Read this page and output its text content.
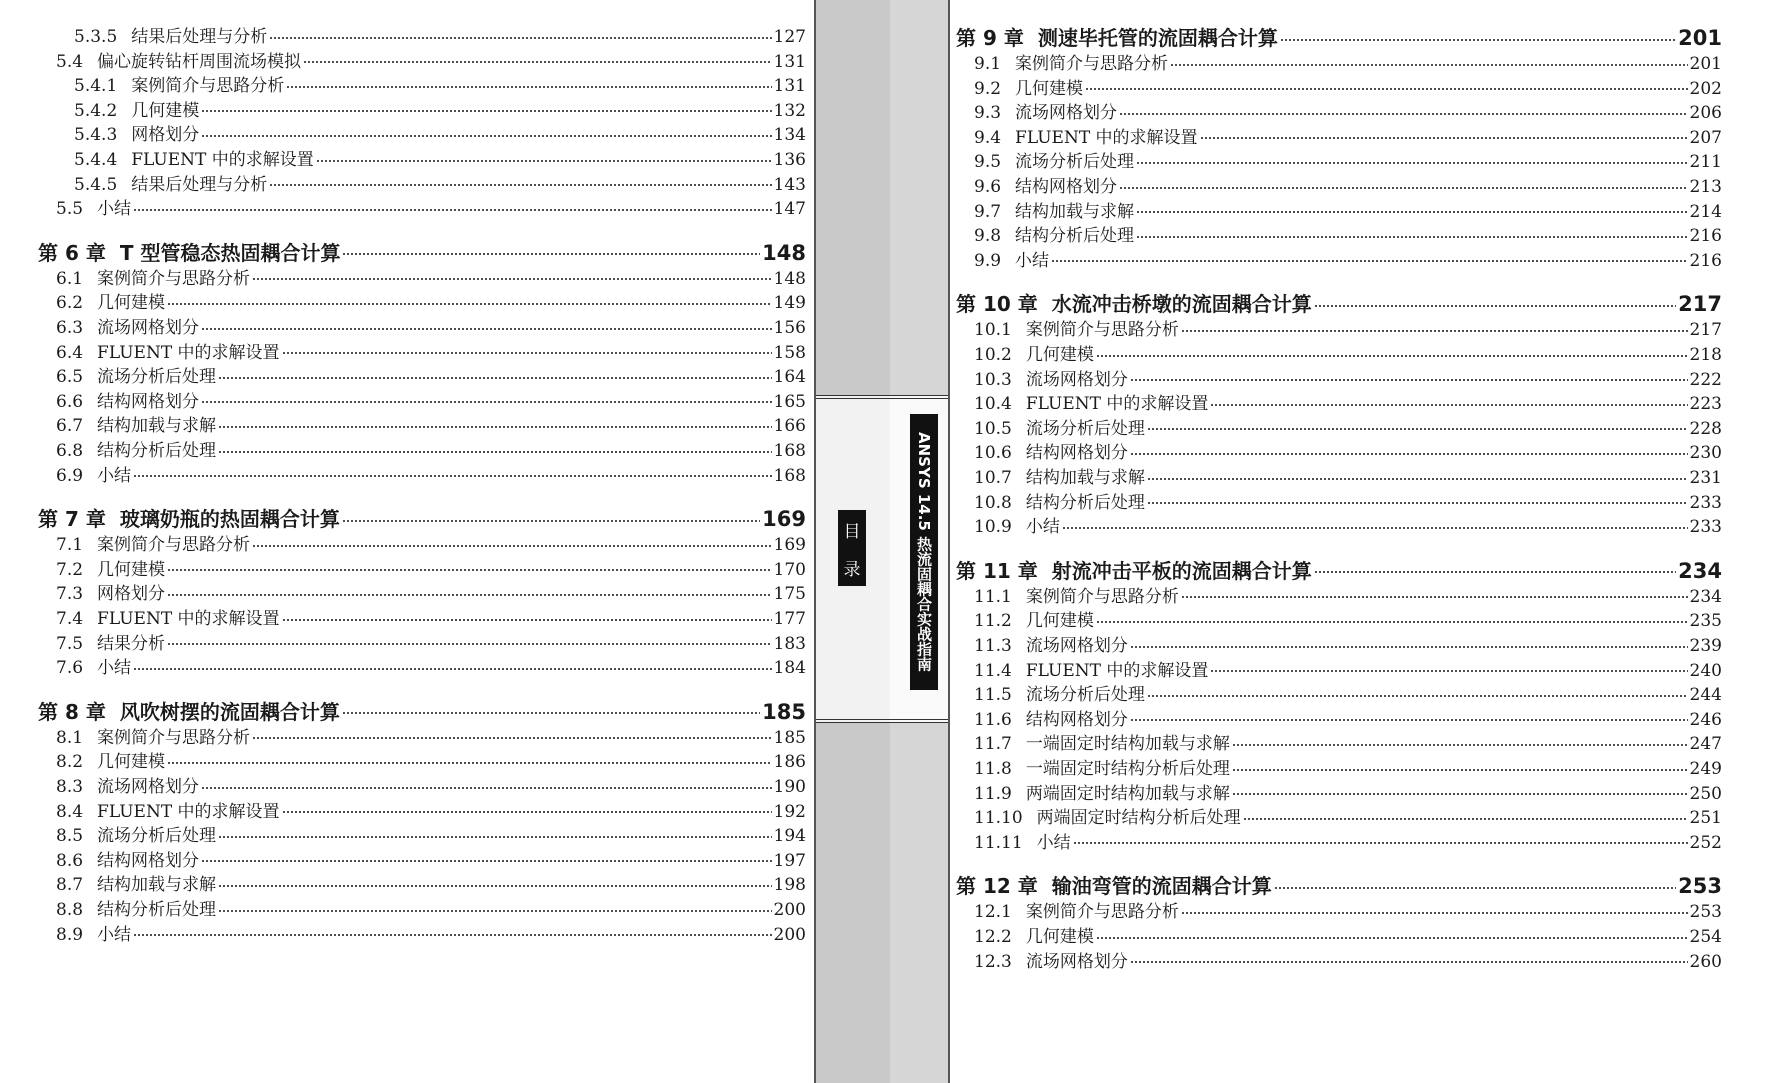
5.3.5 结果后处理与分析	127
5.4 偏心旋转钻杆周围流场模拟	131
5.4.1 案例简介与思路分析	131
5.4.2 几何建模	132
5.4.3 网格划分	134
5.4.4 FLUENT 中的求解设置	136
5.4.5 结果后处理与分析	143
5.5 小结	147
第 6 章 T 型管稳态热固耦合计算	148
6.1 案例简介与思路分析	148
6.2 几何建模	149
6.3 流场网格划分	156
6.4 FLUENT 中的求解设置	158
6.5 流场分析后处理	164
6.6 结构网格划分	165
6.7 结构加载与求解	166
6.8 结构分析后处理	168
6.9 小结	168
第 7 章 玻璃奶瓶的热固耦合计算	169
7.1 案例简介与思路分析	169
7.2 几何建模	170
7.3 网格划分	175
7.4 FLUENT 中的求解设置	177
7.5 结果分析	183
7.6 小结	184
第 8 章 风吹树摆的流固耦合计算	185
8.1 案例简介与思路分析	185
8.2 几何建模	186
8.3 流场网格划分	190
8.4 FLUENT 中的求解设置	192
8.5 流场分析后处理	194
8.6 结构网格划分	197
8.7 结构加载与求解	198
8.8 结构分析后处理	200
8.9 小结	200
目
录	ANSYS 14.5 热流固耦合实战指南
第 9 章 测速毕托管的流固耦合计算	201
9.1 案例简介与思路分析	201
9.2 几何建模	202
9.3 流场网格划分	206
9.4 FLUENT 中的求解设置	207
9.5 流场分析后处理	211
9.6 结构网格划分	213
9.7 结构加载与求解	214
9.8 结构分析后处理	216
9.9 小结	216
第 10 章 水流冲击桥墩的流固耦合计算	217
10.1 案例简介与思路分析	217
10.2 几何建模	218
10.3 流场网格划分	222
10.4 FLUENT 中的求解设置	223
10.5 流场分析后处理	228
10.6 结构网格划分	230
10.7 结构加载与求解	231
10.8 结构分析后处理	233
10.9 小结	233
第 11 章 射流冲击平板的流固耦合计算	234
11.1 案例简介与思路分析	234
11.2 几何建模	235
11.3 流场网格划分	239
11.4 FLUENT 中的求解设置	240
11.5 流场分析后处理	244
11.6 结构网格划分	246
11.7 一端固定时结构加载与求解	247
11.8 一端固定时结构分析后处理	249
11.9 两端固定时结构加载与求解	250
11.10 两端固定时结构分析后处理	251
11.11 小结	252
第 12 章 输油弯管的流固耦合计算	253
12.1 案例简介与思路分析	253
12.2 几何建模	254
12.3 流场网格划分	260
